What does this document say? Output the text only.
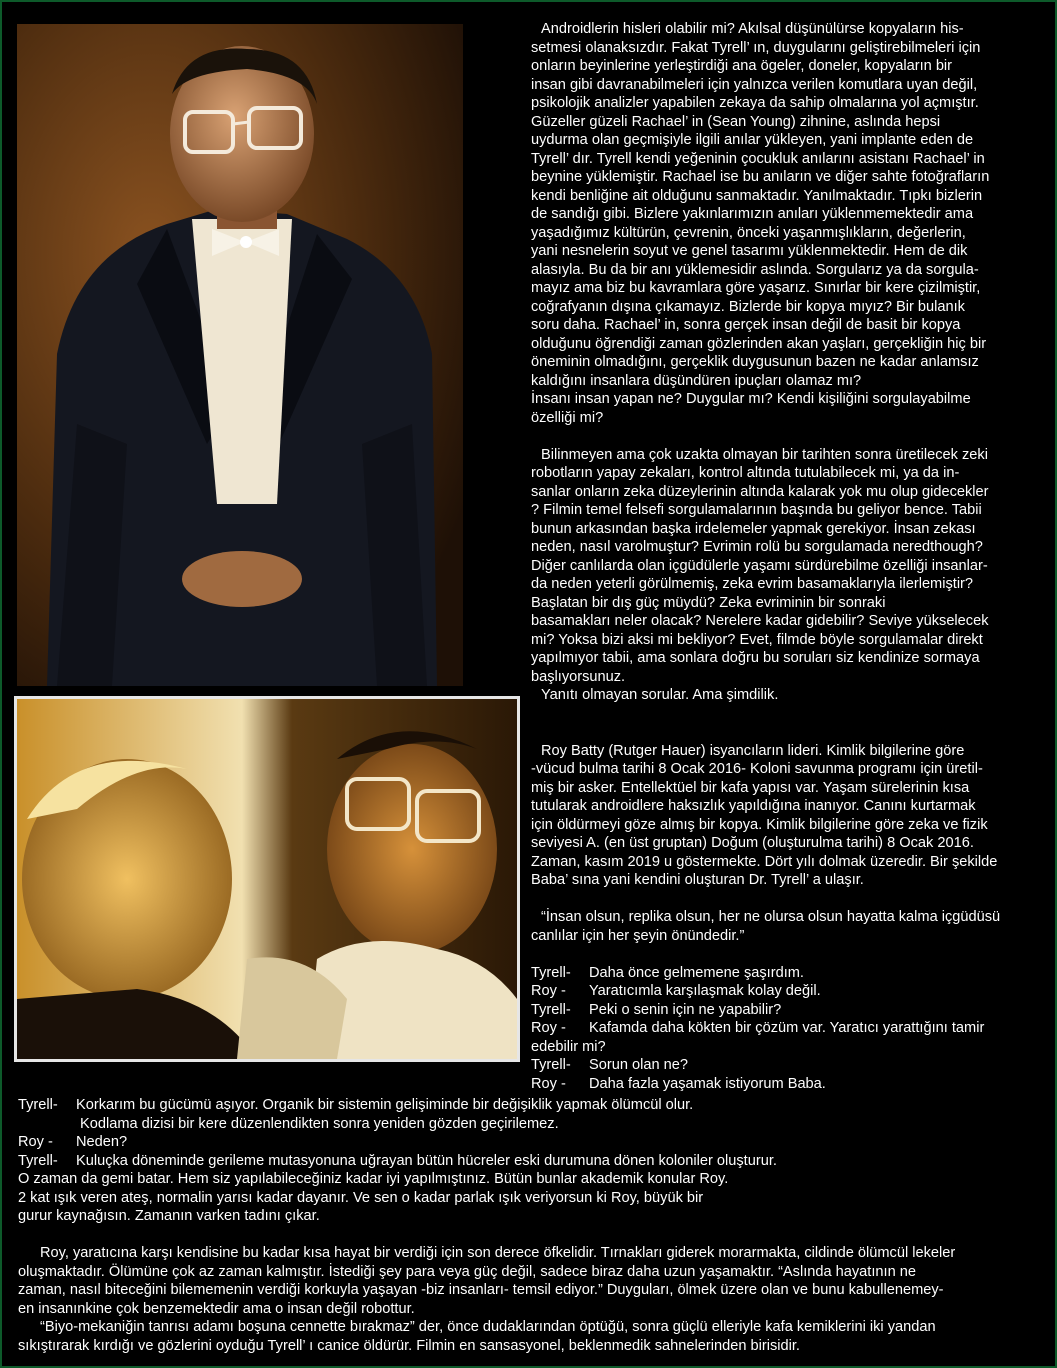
Androidlerin hisleri olabilir mi? Akılsal düşünülürse kopyaların his-

setmesi olanaksızdır. Fakat Tyrell’ ın, duygularını geliştirebilmeleri için

onların beyinlerine yerleştirdiği ana ögeler, doneler, kopyaların bir

insan gibi davranabilmeleri için yalnızca verilen komutlara uyan değil,

psikolojik analizler yapabilen zekaya da sahip olmalarına yol açmıştır.

Güzeller güzeli Rachael’ in (Sean Young) zihnine, aslında hepsi

uydurma olan geçmişiyle ilgili anılar yükleyen, yani implante eden de

Tyrell’ dır. Tyrell kendi yeğeninin çocukluk anılarını asistanı Rachael’ in

beynine yüklemiştir. Rachael ise bu anıların ve diğer sahte fotoğrafların

kendi benliğine ait olduğunu sanmaktadır. Yanılmaktadır. Tıpkı bizlerin

de sandığı gibi. Bizlere yakınlarımızın anıları yüklenmemektedir ama

yaşadığımız kültürün, çevrenin, önceki yaşanmışlıkların, değerlerin,

yani nesnelerin soyut ve genel tasarımı yüklenmektedir. Hem de dik

alasıyla. Bu da bir anı yüklemesidir aslında. Sorgularız ya da sorgula-

mayız ama biz bu kavramlara göre yaşarız. Sınırlar bir kere çizilmiştir,

coğrafyanın dışına çıkamayız. Bizlerde bir kopya mıyız? Bir bulanık

soru daha. Rachael’ in, sonra gerçek insan değil de basit bir kopya

olduğunu öğrendiği zaman gözlerinden akan yaşları, gerçekliğin hiç bir

öneminin olmadığını, gerçeklik duygusunun bazen ne kadar anlamsız

kaldığını insanlara düşündüren ipuçları olamaz mı?

İnsanı insan yapan ne? Duygular mı? Kendi kişiliğini sorgulayabilme

özelliği mi?

Bilinmeyen ama çok uzakta olmayan bir tarihten sonra üretilecek zeki

robotların yapay zekaları, kontrol altında tutulabilecek mi, ya da in-

sanlar onların zeka düzeylerinin altında kalarak yok mu olup gidecekler

? Filmin temel felsefi sorgulamalarının başında bu geliyor bence. Tabii

bunun arkasından başka irdelemeler yapmak gerekiyor. İnsan zekası

neden, nasıl varolmuştur? Evrimin rolü bu sorgulamada neredthough?

Diğer canlılarda olan içgüdülerle yaşamı sürdürebilme özelliği insanlar-

da neden yeterli görülmemiş, zeka evrim basamaklarıyla ilerlemiştir?

Başlatan bir dış güç müydü? Zeka evriminin bir sonraki

basamakları neler olacak? Nerelere kadar gidebilir? Seviye yükselecek

mi? Yoksa bizi aksi mi bekliyor? Evet, filmde böyle sorgulamalar direkt

yapılmıyor tabii, ama sonlara doğru bu soruları siz kendinize sormaya

başlıyorsunuz.

Yanıtı olmayan sorular. Ama şimdilik.

Roy Batty (Rutger Hauer) isyancıların lideri. Kimlik bilgilerine göre

-vücud bulma tarihi 8 Ocak 2016- Koloni savunma programı için üretil-

miş bir asker. Entellektüel bir kafa yapısı var. Yaşam sürelerinin kısa

tutularak androidlere haksızlık yapıldığına inanıyor. Canını kurtarmak

için öldürmeyi göze almış bir kopya. Kimlik bilgilerine göre zeka ve fizik

seviyesi A. (en üst gruptan) Doğum (oluşturulma tarihi) 8 Ocak 2016.

Zaman, kasım 2019 u göstermekte. Dört yılı dolmak üzeredir. Bir şekilde

Baba’ sına yani kendini oluşturan Dr. Tyrell’ a ulaşır.

“İnsan olsun, replika olsun, her ne olursa olsun hayatta kalma içgüdüsü

canlılar için her şeyin önündedir.”

Tyrell-	Daha önce gelmemene şaşırdım.
Roy -	Yaratıcımla karşılaşmak kolay değil.
Tyrell-	Peki o senin için ne yapabilir?
Roy -	Kafamda daha kökten bir çözüm var. Yaratıcı yarattığını tamir
edebilir mi?
Tyrell-	Sorun olan ne?
Roy -	Daha fazla yaşamak istiyorum Baba.

Tyrell- Korkarım bu gücümü aşıyor. Organik bir sistemin gelişiminde bir değişiklik yapmak ölümcül olur.

Kodlama dizisi bir kere düzenlendikten sonra yeniden gözden geçirilemez.

Roy - Neden?

Tyrell- Kuluçka döneminde gerileme mutasyonuna uğrayan bütün hücreler eski durumuna dönen koloniler oluşturur.

O zaman da gemi batar. Hem siz yapılabileceğiniz kadar iyi yapılmıştınız. Bütün bunlar akademik konular Roy.

2 kat ışık veren ateş, normalin yarısı kadar dayanır. Ve sen o kadar parlak ışık veriyorsun ki Roy, büyük bir

gurur kaynağısın. Zamanın varken tadını çıkar.

Roy, yaratıcına karşı kendisine bu kadar kısa hayat bir verdiği için son derece öfkelidir. Tırnakları giderek morarmakta, cildinde ölümcül lekeler

oluşmaktadır. Ölümüne çok az zaman kalmıştır. İstediği şey para veya güç değil, sadece biraz daha uzun yaşamaktır. “Aslında hayatının ne

zaman, nasıl biteceğini bilememenin verdiği korkuyla yaşayan -biz insanları- temsil ediyor.” Duyguları, ölmek üzere olan ve bunu kabullenemey-

en insanınkine çok benzemektedir ama o insan değil robottur.

“Biyo-mekaniğin tanrısı adamı boşuna cennette bırakmaz” der, önce dudaklarından öptüğü, sonra güçlü elleriyle kafa kemiklerini iki yandan

sıkıştırarak kırdığı ve gözlerini oyduğu Tyrell’ ı canice öldürür. Filmin en sansasyonel, beklenmedik sahnelerinden birisidir.
